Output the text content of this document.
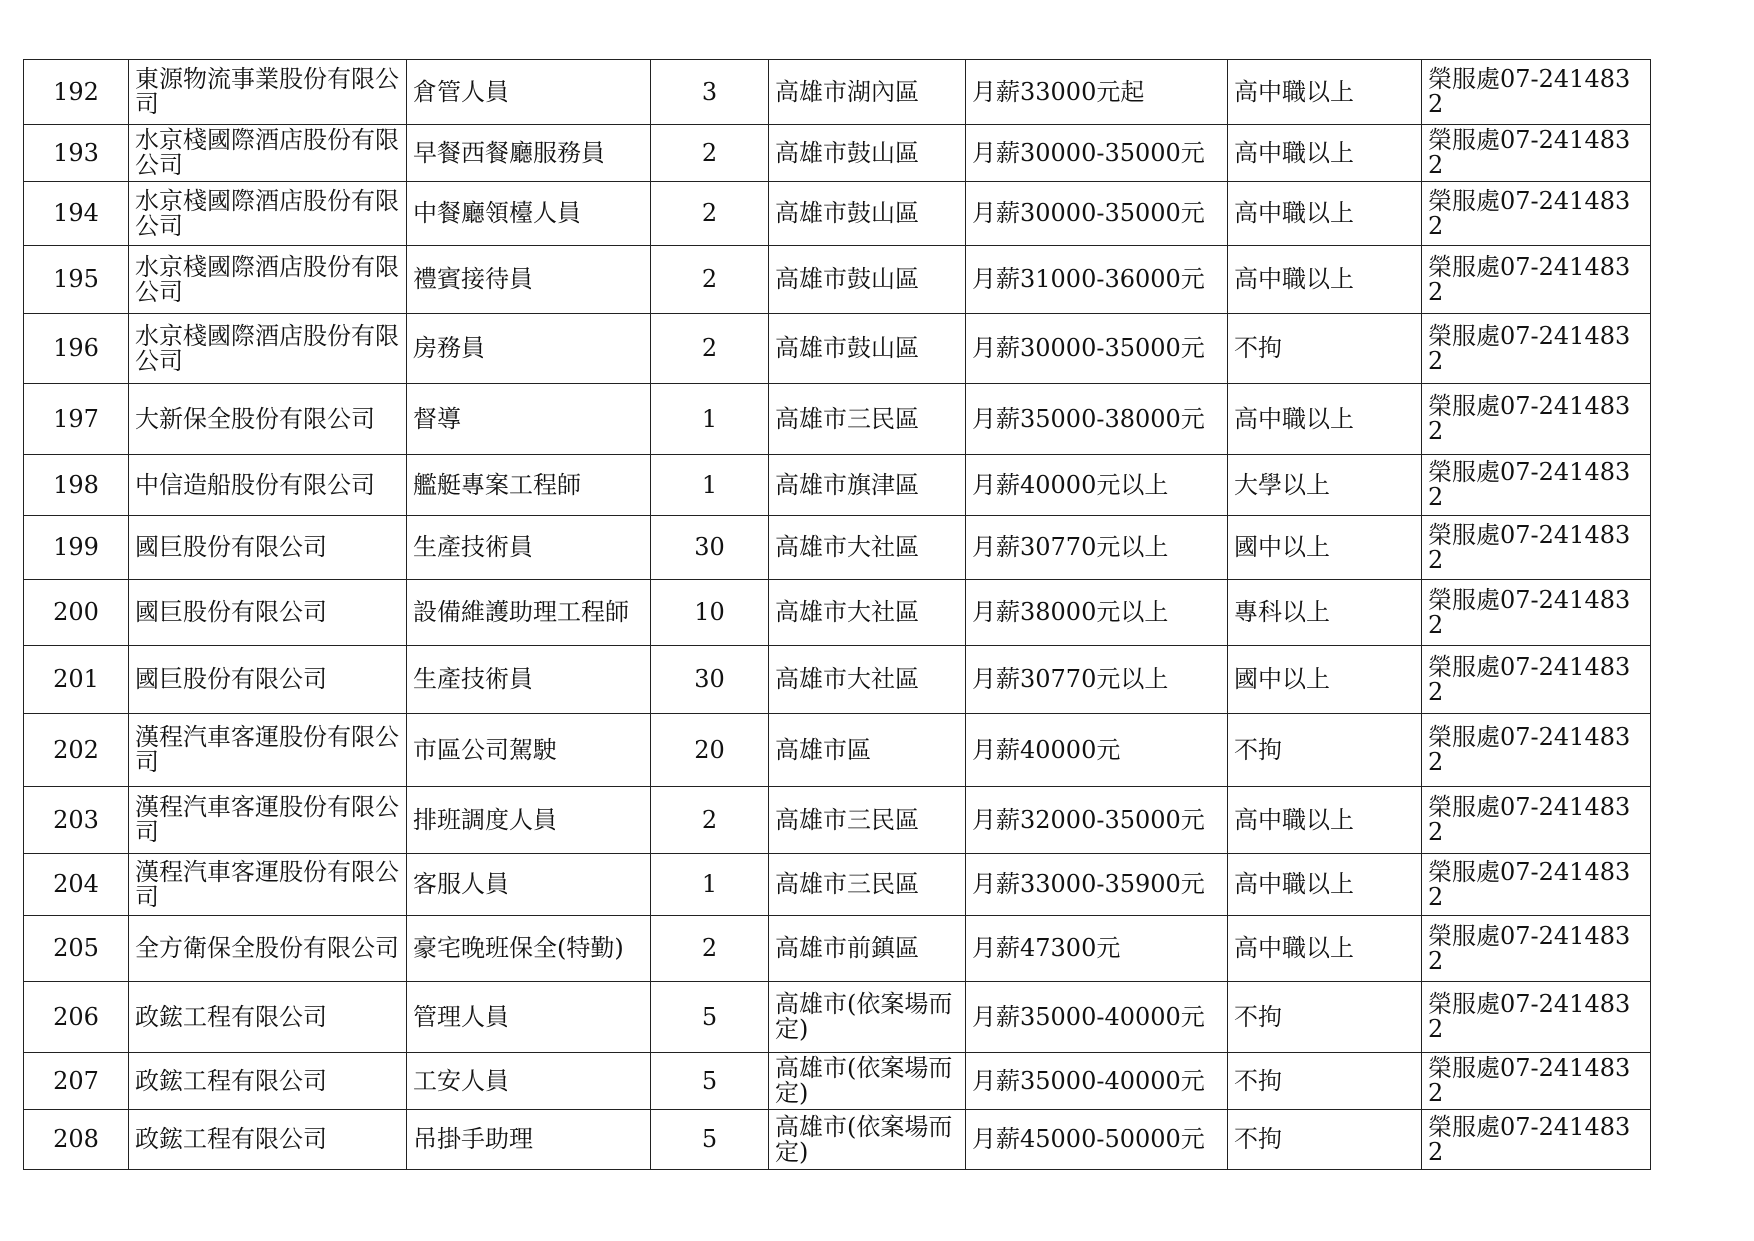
192	東源物流事業股份有限公司	倉管人員	3	高雄市湖內區	月薪33000元起	高中職以上	榮服處07-2414832
193	水京棧國際酒店股份有限公司	早餐西餐廳服務員	2	高雄市鼓山區	月薪30000-35000元	高中職以上	榮服處07-2414832
194	水京棧國際酒店股份有限公司	中餐廳領檯人員	2	高雄市鼓山區	月薪30000-35000元	高中職以上	榮服處07-2414832
195	水京棧國際酒店股份有限公司	禮賓接待員	2	高雄市鼓山區	月薪31000-36000元	高中職以上	榮服處07-2414832
196	水京棧國際酒店股份有限公司	房務員	2	高雄市鼓山區	月薪30000-35000元	不拘	榮服處07-2414832
197	大新保全股份有限公司	督導	1	高雄市三民區	月薪35000-38000元	高中職以上	榮服處07-2414832
198	中信造船股份有限公司	艦艇專案工程師	1	高雄市旗津區	月薪40000元以上	大學以上	榮服處07-2414832
199	國巨股份有限公司	生產技術員	30	高雄市大社區	月薪30770元以上	國中以上	榮服處07-2414832
200	國巨股份有限公司	設備維護助理工程師	10	高雄市大社區	月薪38000元以上	專科以上	榮服處07-2414832
201	國巨股份有限公司	生產技術員	30	高雄市大社區	月薪30770元以上	國中以上	榮服處07-2414832
202	漢程汽車客運股份有限公司	市區公司駕駛	20	高雄市區	月薪40000元	不拘	榮服處07-2414832
203	漢程汽車客運股份有限公司	排班調度人員	2	高雄市三民區	月薪32000-35000元	高中職以上	榮服處07-2414832
204	漢程汽車客運股份有限公司	客服人員	1	高雄市三民區	月薪33000-35900元	高中職以上	榮服處07-2414832
205	全方衛保全股份有限公司	豪宅晚班保全(特勤)	2	高雄市前鎮區	月薪47300元	高中職以上	榮服處07-2414832
206	政鋐工程有限公司	管理人員	5	高雄市(依案場而定)	月薪35000-40000元	不拘	榮服處07-2414832
207	政鋐工程有限公司	工安人員	5	高雄市(依案場而定)	月薪35000-40000元	不拘	榮服處07-2414832
208	政鋐工程有限公司	吊掛手助理	5	高雄市(依案場而定)	月薪45000-50000元	不拘	榮服處07-2414832
